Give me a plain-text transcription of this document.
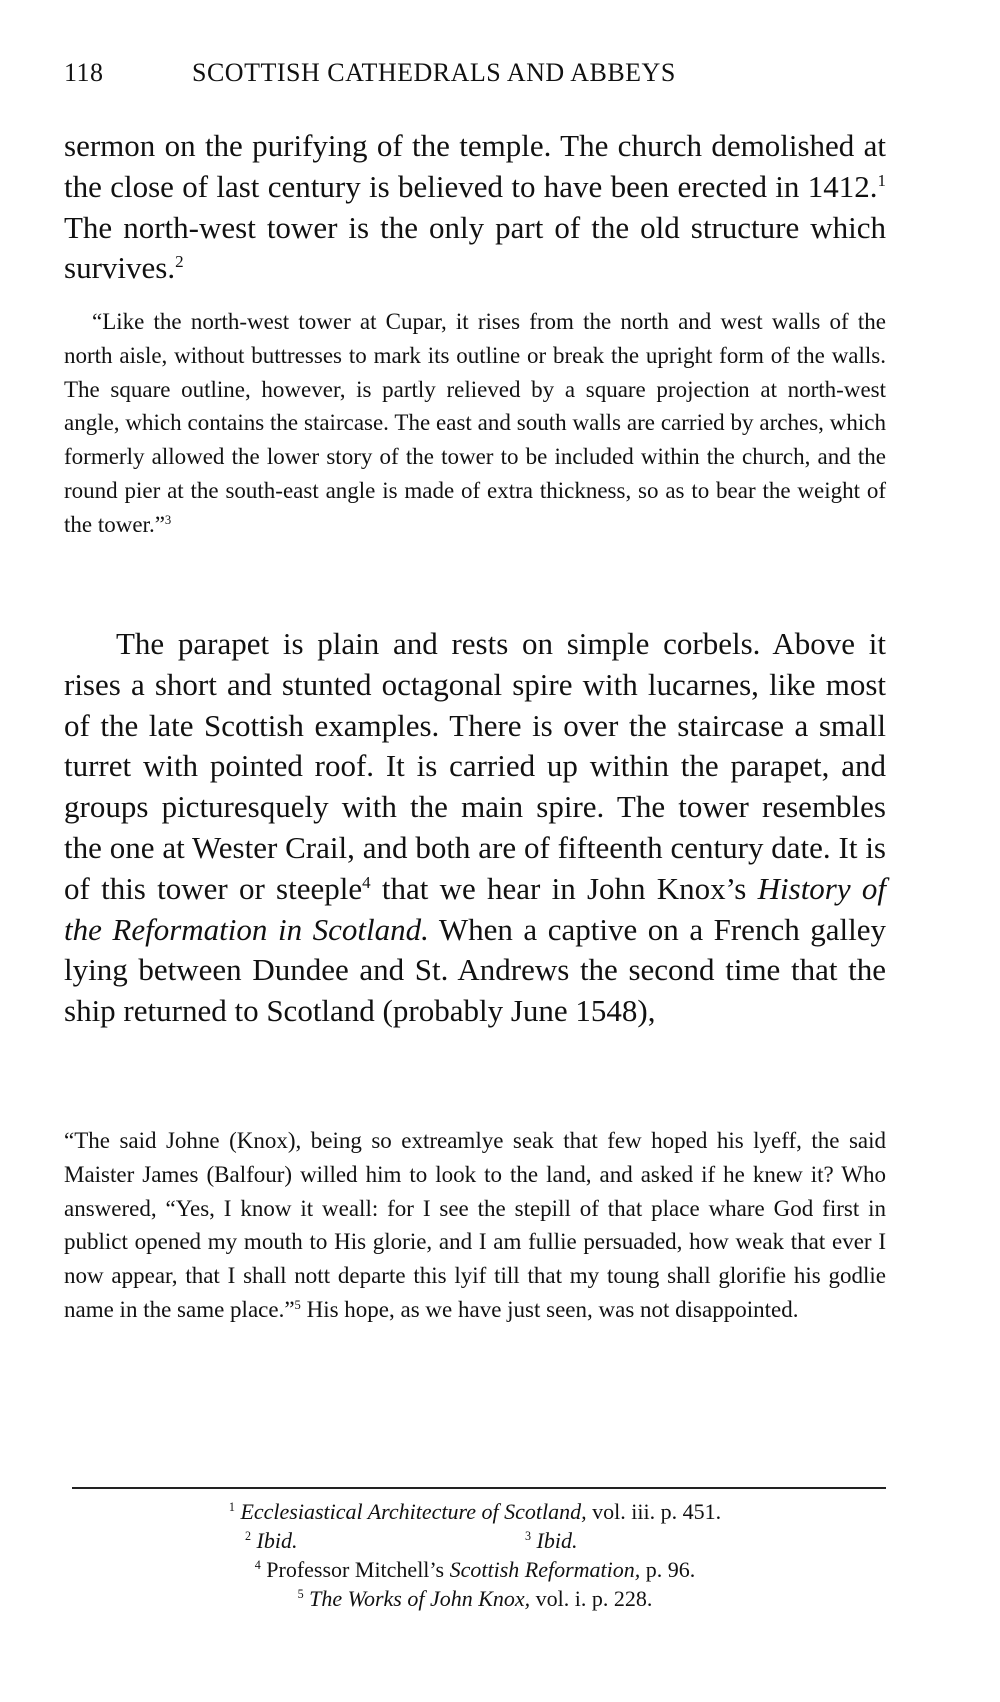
118	SCOTTISH CATHEDRALS AND ABBEYS

sermon on the purifying of the temple. The church demolished at the close of last century is believed to have been erected in 1412.$^1$ The north-west tower is the only part of the old structure which survives.$^2$

“Like the north-west tower at Cupar, it rises from the north and west walls of the north aisle, without buttresses to mark its outline or break the upright form of the walls. The square outline, however, is partly relieved by a square projection at north-west angle, which contains the staircase. The east and south walls are carried by arches, which formerly allowed the lower story of the tower to be included within the church, and the round pier at the south-east angle is made of extra thickness, so as to bear the weight of the tower.”$^3$

The parapet is plain and rests on simple corbels. Above it rises a short and stunted octagonal spire with lucarnes, like most of the late Scottish examples. There is over the staircase a small turret with pointed roof. It is carried up within the parapet, and groups picturesquely with the main spire. The tower resembles the one at Wester Crail, and both are of fifteenth century date. It is of this tower or steeple$^4$ that we hear in John Knox’s History of the Reformation in Scotland. When a captive on a French galley lying between Dundee and St. Andrews the second time that the ship returned to Scotland (probably June 1548),

“The said Johne (Knox), being so extreamlye seak that few hoped his lyeff, the said Maister James (Balfour) willed him to look to the land, and asked if he knew it? Who answered, “Yes, I know it weall: for I see the stepill of that place whare God first in publict opened my mouth to His glorie, and I am fullie persuaded, how weak that ever I now appear, that I shall nott departe this lyif till that my toung shall glorifie his godlie name in the same place.”$^5$ His hope, as we have just seen, was not disappointed.

$^1$ Ecclesiastical Architecture of Scotland, vol. iii. p. 451.
$^2$ Ibid.	$^3$ Ibid.
$^4$ Professor Mitchell’s Scottish Reformation, p. 96.
$^5$ The Works of John Knox, vol. i. p. 228.
